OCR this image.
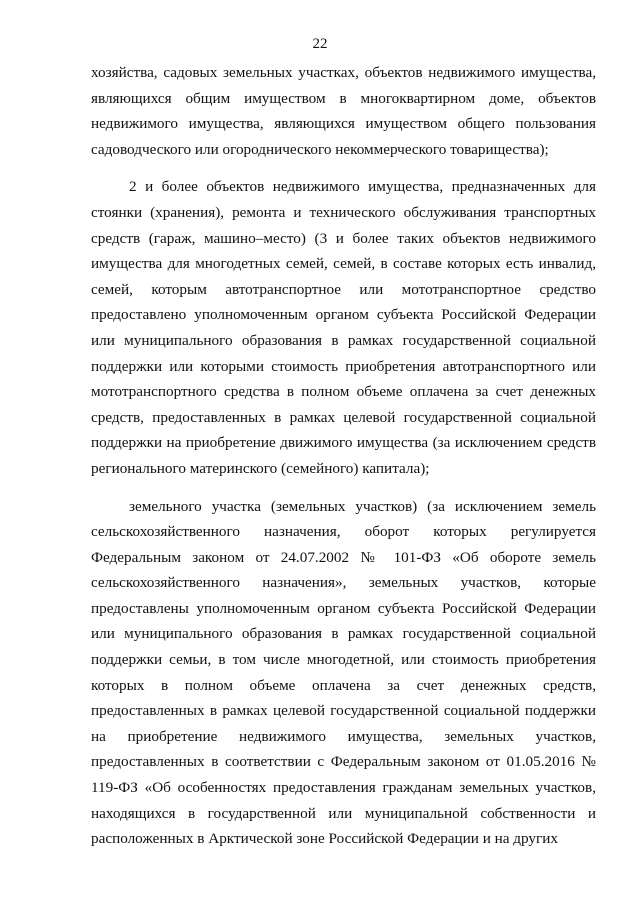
22

хозяйства, садовых земельных участках, объектов недвижимого имущества, являющихся общим имуществом в многоквартирном доме, объектов недвижимого имущества, являющихся имуществом общего пользования садоводческого или огороднического некоммерческого товарищества);

2 и более объектов недвижимого имущества, предназначенных для стоянки (хранения), ремонта и технического обслуживания транспортных средств (гараж, машино–место) (3 и более таких объектов недвижимого имущества для многодетных семей, семей, в составе которых есть инвалид, семей, которым автотранспортное или мототранспортное средство предоставлено уполномоченным органом субъекта Российской Федерации или муниципального образования в рамках государственной социальной поддержки или которыми стоимость приобретения автотранспортного или мототранспортного средства в полном объеме оплачена за счет денежных средств, предоставленных в рамках целевой государственной социальной поддержки на приобретение движимого имущества (за исключением средств регионального материнского (семейного) капитала);

земельного участка (земельных участков) (за исключением земель сельскохозяйственного назначения, оборот которых регулируется Федеральным законом от 24.07.2002 № 101-ФЗ «Об обороте земель сельскохозяйственного назначения», земельных участков, которые предоставлены уполномоченным органом субъекта Российской Федерации или муниципального образования в рамках государственной социальной поддержки семьи, в том числе многодетной, или стоимость приобретения которых в полном объеме оплачена за счет денежных средств, предоставленных в рамках целевой государственной социальной поддержки на приобретение недвижимого имущества, земельных участков, предоставленных в соответствии с Федеральным законом от 01.05.2016 № 119-ФЗ «Об особенностях предоставления гражданам земельных участков, находящихся в государственной или муниципальной собственности и расположенных в Арктической зоне Российской Федерации и на других
